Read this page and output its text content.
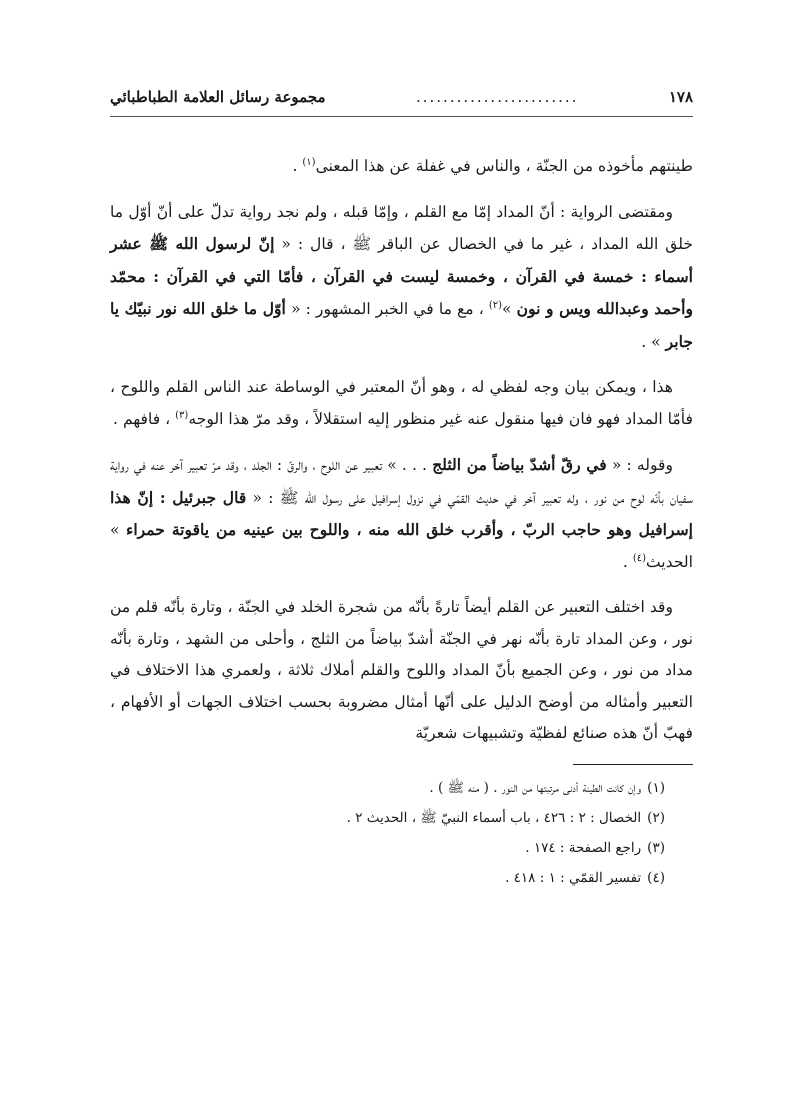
١٧٨
........................
مجموعة رسائل العلامة الطباطبائي

طينتهم مأخوذه من الجنّة ، والناس في غفلة عن هذا المعنى$^{(١)}$ .

ومقتضى الرواية : أنّ المداد إمّا مع القلم ، وإمّا قبله ، ولم نجد رواية تدلّ على أنّ أوّل ما خلق الله المداد ، غير ما في الخصال عن الباقر ﷺ ، قال : « إنّ لرسول الله ﷺ عشر أسماء : خمسة في القرآن ، وخمسة ليست في القرآن ، فأمّا التي في القرآن : محمّد وأحمد وعبدالله ويس و نون »$^{(٢)}$ ، مع ما في الخبر المشهور : « أوّل ما خلق الله نور نبيّك يا جابر » .

هذا ، ويمكن بيان وجه لفظي له ، وهو أنّ المعتبر في الوساطة عند الناس القلم واللوح ، فأمّا المداد فهو فان فيها منقول عنه غير منظور إليه استقلالاً ، وقد مرّ هذا الوجه$^{(٣)}$ ، فافهم .

وقوله : « في رقّ أشدّ بياضاً من الثلج . . . » تعبير عن اللوح ، والرقّ : الجلد ، وقد مرّ تعبير آخر عنه في رواية سفيان بأنّه لوح من نور ، وله تعبير آخر في حديث القمّي في نزول إسرافيل على رسول الله ﷺ : « قال جبرئيل : إنّ هذا إسرافيل وهو حاجب الربّ ، وأقرب خلق الله منه ، واللوح بين عينيه من ياقوتة حمراء » الحديث$^{(٤)}$ .

وقد اختلف التعبير عن القلم أيضاً تارةً بأنّه من شجرة الخلد في الجنّة ، وتارة بأنّه قلم من نور ، وعن المداد تارة بأنّه نهر في الجنّة أشدّ بياضاً من الثلج ، وأحلى من الشهد ، وتارة بأنّه مداد من نور ، وعن الجميع بأنّ المداد واللوح والقلم أملاك ثلاثة ، ولعمري هذا الاختلاف في التعبير وأمثاله من أوضح الدليل على أنّها أمثال مضروبة بحسب اختلاف الجهات أو الأفهام ، فهبّ أنّ هذه صنائع لفظيّة وتشبيهات شعريّة

(١)
وإن كانت الطينة أدنى مرتبتها من النور . ( منه ﷺ ) .
(٢)
الخصال : ٢ : ٤٢٦ ، باب أسماء النبيّ ﷺ ، الحديث ٢ .
(٣)
راجع الصفحة : ١٧٤ .
(٤)
تفسير القمّي : ١ : ٤١٨ .
